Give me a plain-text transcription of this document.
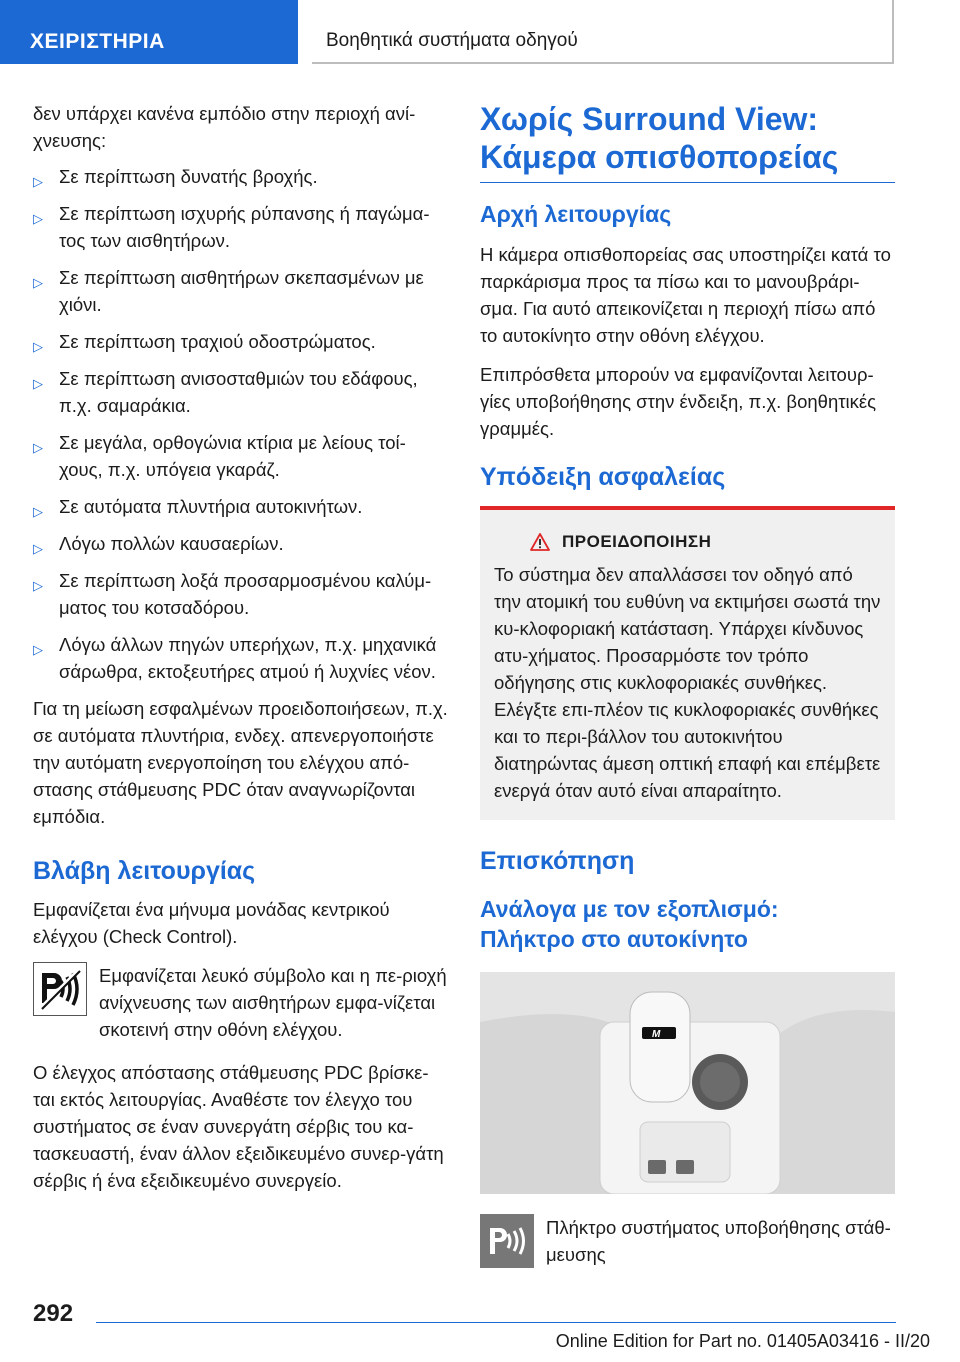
ΧΕΙΡΙΣΤΗΡΙΑ	Βοηθητικά συστήματα οδηγού

δεν υπάρχει κανένα εμπόδιο στην περιοχή ανί-χνευσης:

▷ Σε περίπτωση δυνατής βροχής.
▷ Σε περίπτωση ισχυρής ρύπανσης ή παγώμα-τος των αισθητήρων.
▷ Σε περίπτωση αισθητήρων σκεπασμένων με χιόνι.
▷ Σε περίπτωση τραχιού οδοστρώματος.
▷ Σε περίπτωση ανισοσταθμιών του εδάφους, π.χ. σαμαράκια.
▷ Σε μεγάλα, ορθογώνια κτίρια με λείους τοί-χους, π.χ. υπόγεια γκαράζ.
▷ Σε αυτόματα πλυντήρια αυτοκινήτων.
▷ Λόγω πολλών καυσαερίων.
▷ Σε περίπτωση λοξά προσαρμοσμένου καλύμ-ματος του κοτσαδόρου.
▷ Λόγω άλλων πηγών υπερήχων, π.χ. μηχανικά σάρωθρα, εκτοξευτήρες ατμού ή λυχνίες νέον.

Για τη μείωση εσφαλμένων προειδοποιήσεων, π.χ. σε αυτόματα πλυντήρια, ενδεχ. απενεργοποιήστε την αυτόματη ενεργοποίηση του ελέγχου από-στασης στάθμευσης PDC όταν αναγνωρίζονται εμπόδια.

Βλάβη λειτουργίας

Εμφανίζεται ένα μήνυμα μονάδας κεντρικού ελέγχου (Check Control).

Εμφανίζεται λευκό σύμβολο και η πε-ριοχή ανίχνευσης των αισθητήρων εμφα-νίζεται σκοτεινή στην οθόνη ελέγχου.

Ο έλεγχος απόστασης στάθμευσης PDC βρίσκε-ται εκτός λειτουργίας. Αναθέστε τον έλεγχο του συστήματος σε έναν συνεργάτη σέρβις του κα-τασκευαστή, έναν άλλον εξειδικευμένο συνερ-γάτη σέρβις ή ένα εξειδικευμένο συνεργείο.

Χωρίς Surround View:
Κάμερα οπισθοπορείας
Αρχή λειτουργίας

Η κάμερα οπισθοπορείας σας υποστηρίζει κατά το παρκάρισμα προς τα πίσω και το μανουβράρι-σμα. Για αυτό απεικονίζεται η περιοχή πίσω από το αυτοκίνητο στην οθόνη ελέγχου.

Επιπρόσθετα μπορούν να εμφανίζονται λειτουρ-γίες υποβοήθησης στην ένδειξη, π.χ. βοηθητικές γραμμές.

Υπόδειξη ασφαλείας
ΠΡΟΕΙΔΟΠΟΙΗΣΗ
Το σύστημα δεν απαλλάσσει τον οδηγό από την ατομική του ευθύνη να εκτιμήσει σωστά την κυ-κλοφοριακή κατάσταση. Υπάρχει κίνδυνος ατυ-χήματος. Προσαρμόστε τον τρόπο οδήγησης στις κυκλοφοριακές συνθήκες. Ελέγξτε επι-πλέον τις κυκλοφοριακές συνθήκες και το περι-βάλλον του αυτοκινήτου διατηρώντας άμεση οπτική επαφή και επέμβετε ενεργά όταν αυτό είναι απαραίτητο.
Επισκόπηση
Ανάλογα με τον εξοπλισμό:
Πλήκτρο στο αυτοκίνητο
M
Πλήκτρο συστήματος υποβοήθησης στάθ-μευσης
292
Online Edition for Part no. 01405A03416 - II/20
